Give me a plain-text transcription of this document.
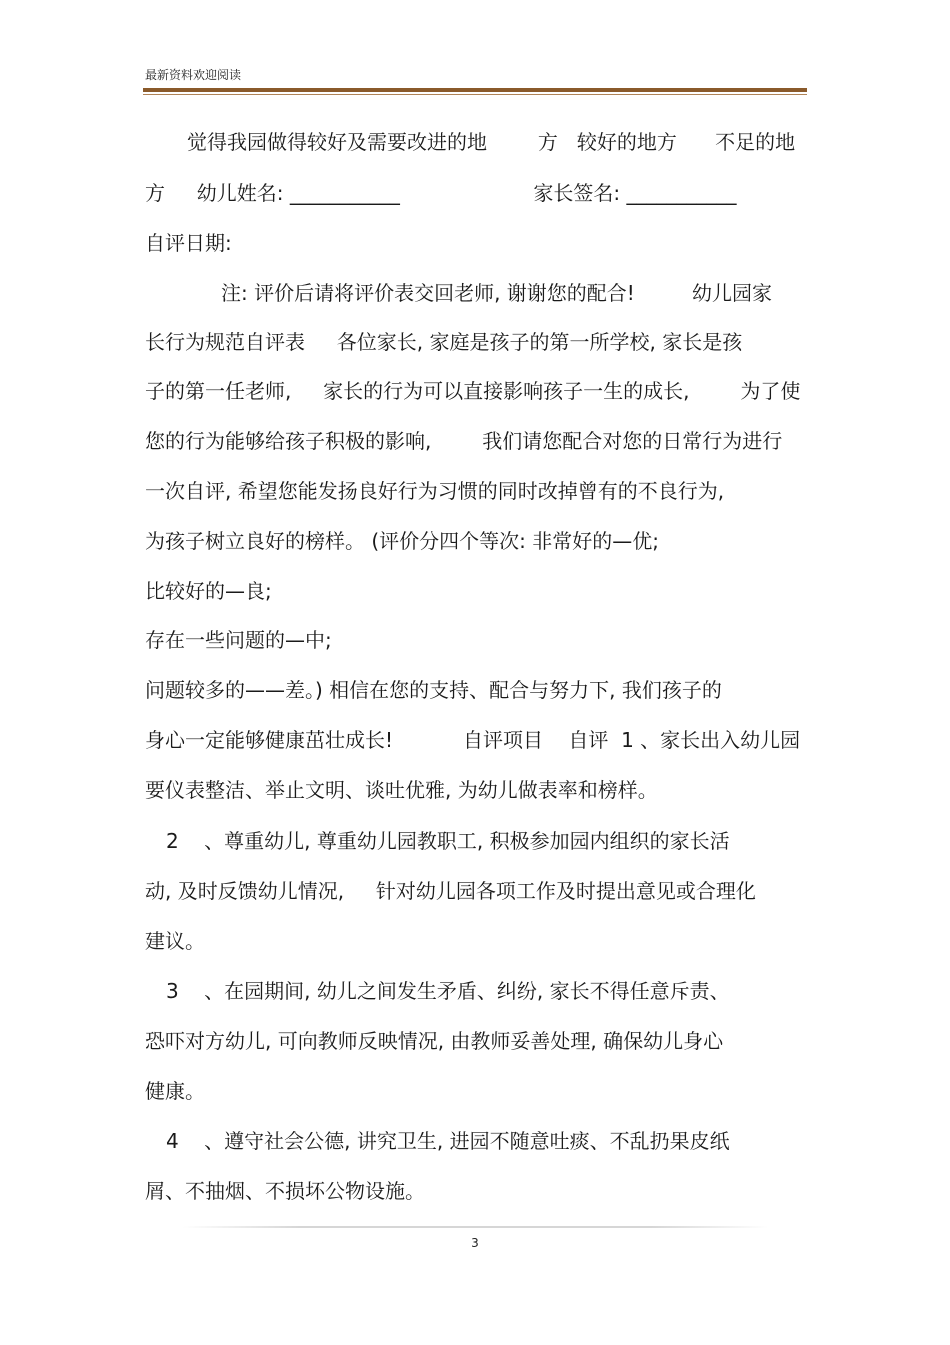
最新资料欢迎阅读
觉得我园做得较好及需要改进的地        方   较好的地方      不足的地
方     幼儿姓名: ___________                     家长签名: ___________
自评日期:
注: 评价后请将评价表交回老师, 谢谢您的配合!         幼儿园家
长行为规范自评表     各位家长, 家庭是孩子的第一所学校, 家长是孩
子的第一任老师,     家长的行为可以直接影响孩子一生的成长,        为了使
您的行为能够给孩子积极的影响,        我们请您配合对您的日常行为进行
一次自评, 希望您能发扬良好行为习惯的同时改掉曾有的不良行为,
为孩子树立良好的榜样。 (评价分四个等次: 非常好的—优;
比较好的—良;
存在一些问题的—中;
问题较多的——差。) 相信在您的支持、配合与努力下, 我们孩子的
身心一定能够健康茁壮成长!           自评项目    自评  1 、家长出入幼儿园
要仪表整洁、举止文明、谈吐优雅, 为幼儿做表率和榜样。
2    、尊重幼儿, 尊重幼儿园教职工, 积极参加园内组织的家长活
动, 及时反馈幼儿情况,     针对幼儿园各项工作及时提出意见或合理化
建议。
3    、在园期间, 幼儿之间发生矛盾、纠纷, 家长不得任意斥责、
恐吓对方幼儿, 可向教师反映情况, 由教师妥善处理, 确保幼儿身心
健康。
4    、遵守社会公德, 讲究卫生, 进园不随意吐痰、不乱扔果皮纸
屑、不抽烟、不损坏公物设施。
3
